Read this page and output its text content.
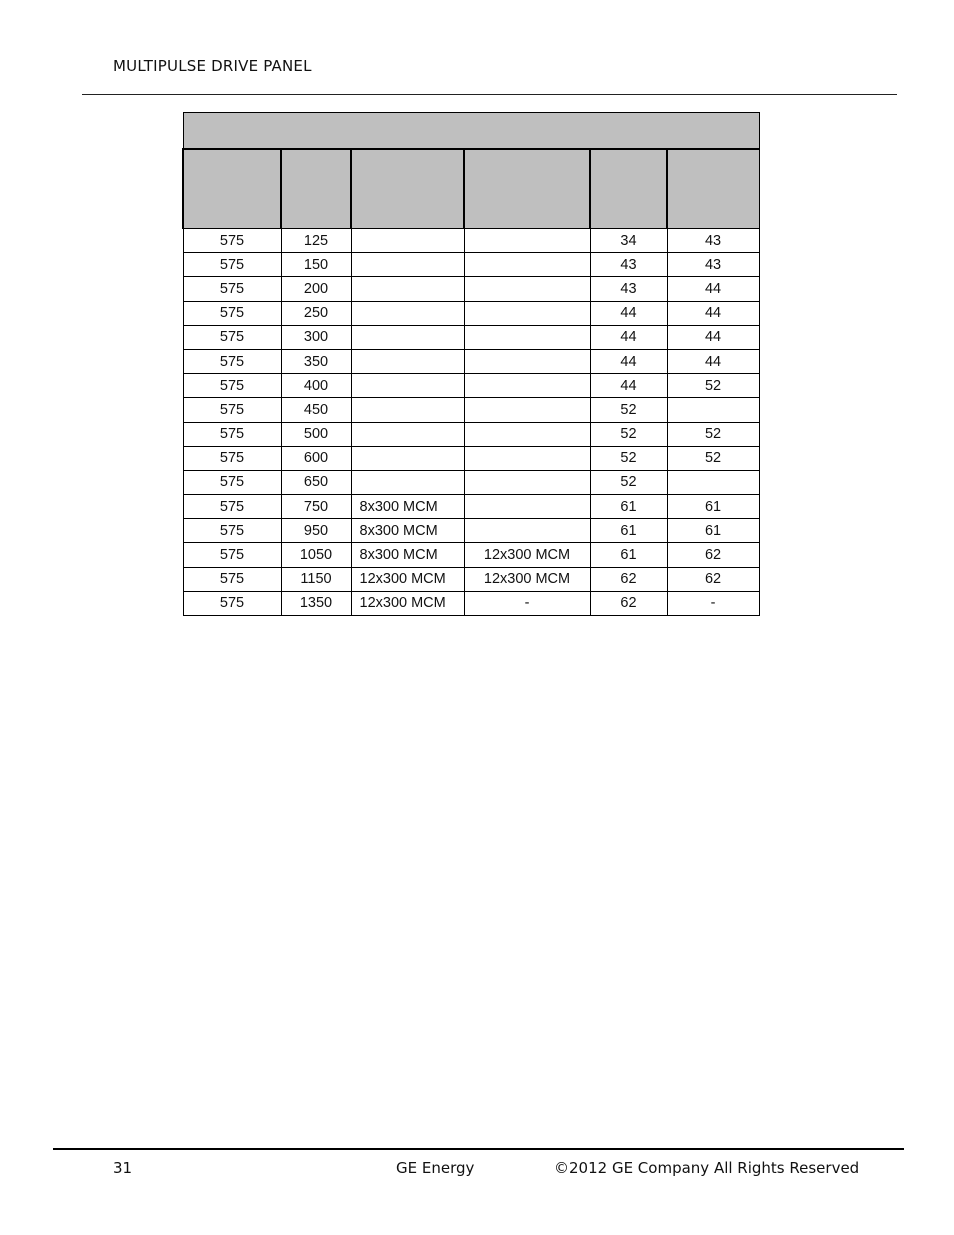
MULTIPULSE DRIVE PANEL

575	125			34	43
575	150			43	43
575	200			43	44
575	250			44	44
575	300			44	44
575	350			44	44
575	400			44	52
575	450			52	
575	500			52	52
575	600			52	52
575	650			52	
575	750	8x300 MCM		61	61
575	950	8x300 MCM		61	61
575	1050	8x300 MCM	12x300 MCM	61	62
575	1150	12x300 MCM	12x300 MCM	62	62
575	1350	12x300 MCM	-	62	-
31	GE Energy	©2012 GE Company All Rights Reserved
